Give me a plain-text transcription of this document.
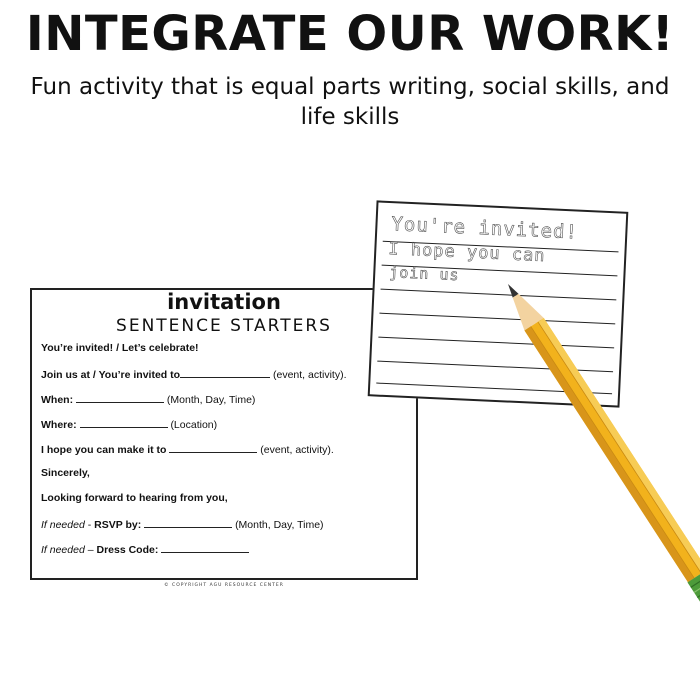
INTEGRATE OUR WORK!
Fun activity that is equal parts writing, social skills, and life skills
invitation
SENTENCE STARTERS
You’re invited! / Let’s celebrate!
Join us at / You’re invited to	(event, activity).
When:	(Month, Day, Time)
Where:	(Location)
I hope you can make it to	(event, activity).
Sincerely,
Looking forward to hearing from you,
If needed - RSVP by:	(Month, Day, Time)
If needed – Dress Code:
© COPYRIGHT AGU RESOURCE CENTER
You're invited!
I hope you can
join us
